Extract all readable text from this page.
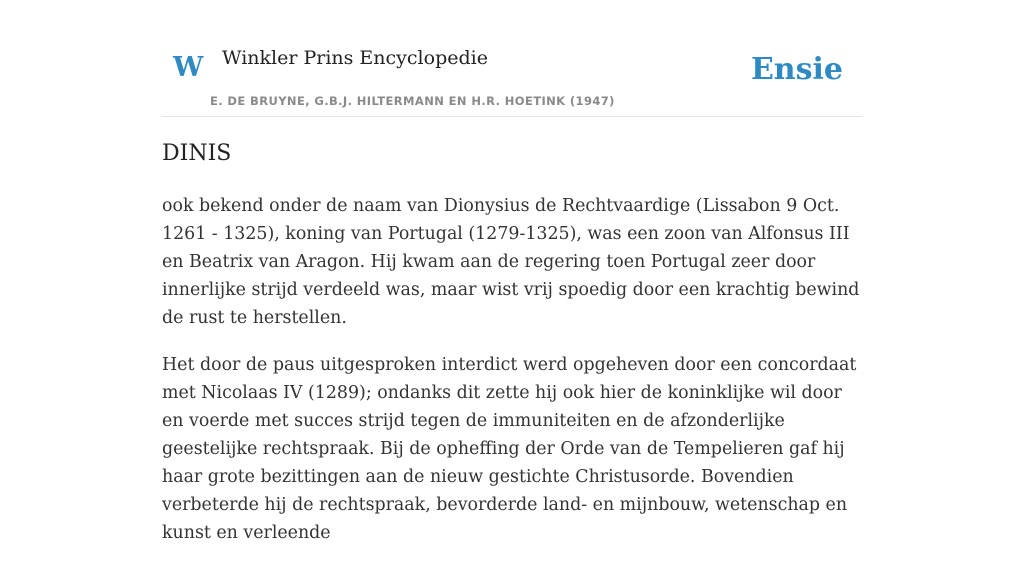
W Winkler Prins Encyclopedie
E. DE BRUYNE, G.B.J. HILTERMANN EN H.R. HOETINK (1947)
Ensie
DINIS

ook bekend onder de naam van Dionysius de Rechtvaardige (Lissabon 9 Oct. 1261 - 1325), koning van Portugal (1279-1325), was een zoon van Alfonsus III en Beatrix van Aragon. Hij kwam aan de regering toen Portugal zeer door innerlijke strijd verdeeld was, maar wist vrij spoedig door een krachtig bewind de rust te herstellen.

Het door de paus uitgesproken interdict werd opgeheven door een concordaat met Nicolaas IV (1289); ondanks dit zette hij ook hier de koninklijke wil door en voerde met succes strijd tegen de immuniteiten en de afzonderlijke geestelijke rechtspraak. Bij de opheffing der Orde van de Tempelieren gaf hij haar grote bezittingen aan de nieuw gestichte Christusorde. Bovendien verbeterde hij de rechtspraak, bevorderde land- en mijnbouw, wetenschap en kunst en verleende
